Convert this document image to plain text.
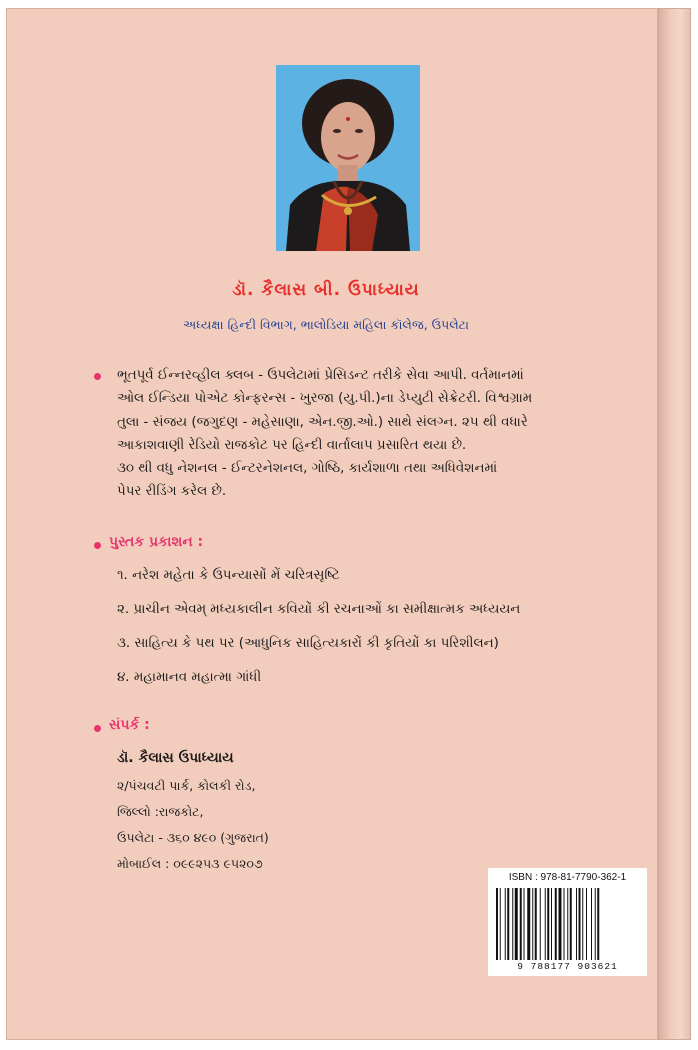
ડૉ. કૈલાસ બી. ઉપાધ્યાય
અધ્યક્ષા હિન્દી વિભાગ, ભાલોડિયા મહિલા કૉલેજ, ઉપલેટા
ભૂતપૂર્વ ઈન્નરવ્હીલ ક્લબ - ઉપલેટામાં પ્રેસિડન્ટ તરીકે સેવા આપી. વર્તમાનમાં
ઓલ ઈન્ડિયા પોએટ કોન્ફરન્સ - ખુરજા (યુ.પી.)ના ડેપ્યુટી સેક્રેટરી. વિશ્વગ્રામ
તુલા - સંજય (જગુદણ - મહેસાણા, એન.જી.ઓ.) સાથે સંલગ્ન. ૨૫ થી વધારે
આકાશવાણી રેડિયો રાજકોટ પર હિન્દી વાર્તાલાપ પ્રસારિત થયા છે.
૩૦ થી વધુ નેશનલ - ઈન્ટરનેશનલ, ગોષ્ઠિ, કાર્યશાળા તથા અધિવેશનમાં
પેપર રીડિંગ કરેલ છે.
પુસ્તક પ્રકાશન :
૧. નરેશ મહેતા કે ઉપન્યાસોં મેં ચરિત્રસૃષ્ટિ
૨. પ્રાચીન એવમ્ મધ્યકાલીન કવિયોં કી રચનાઓં કા સમીક્ષાત્મક અધ્યયન
૩. સાહિત્ય કે પથ પર (આધુનિક સાહિત્યકારોં કી કૃતિયોં કા પરિશીલન)
૪. મહામાનવ મહાત્મા ગાંધી
સંપર્ક :
ડૉ. કૈલાસ ઉપાધ્યાય
૨/પંચવટી પાર્ક, કોલકી રોડ,
જિલ્લો :રાજકોટ,
ઉપલેટા - ૩૬૦ ૪૯૦ (ગુજરાત)
મોબાઈલ : ૦૯૯૨૫૩ ૯૫૨૦૭
ISBN : 978-81-7790-362-1
9 788177 903621
